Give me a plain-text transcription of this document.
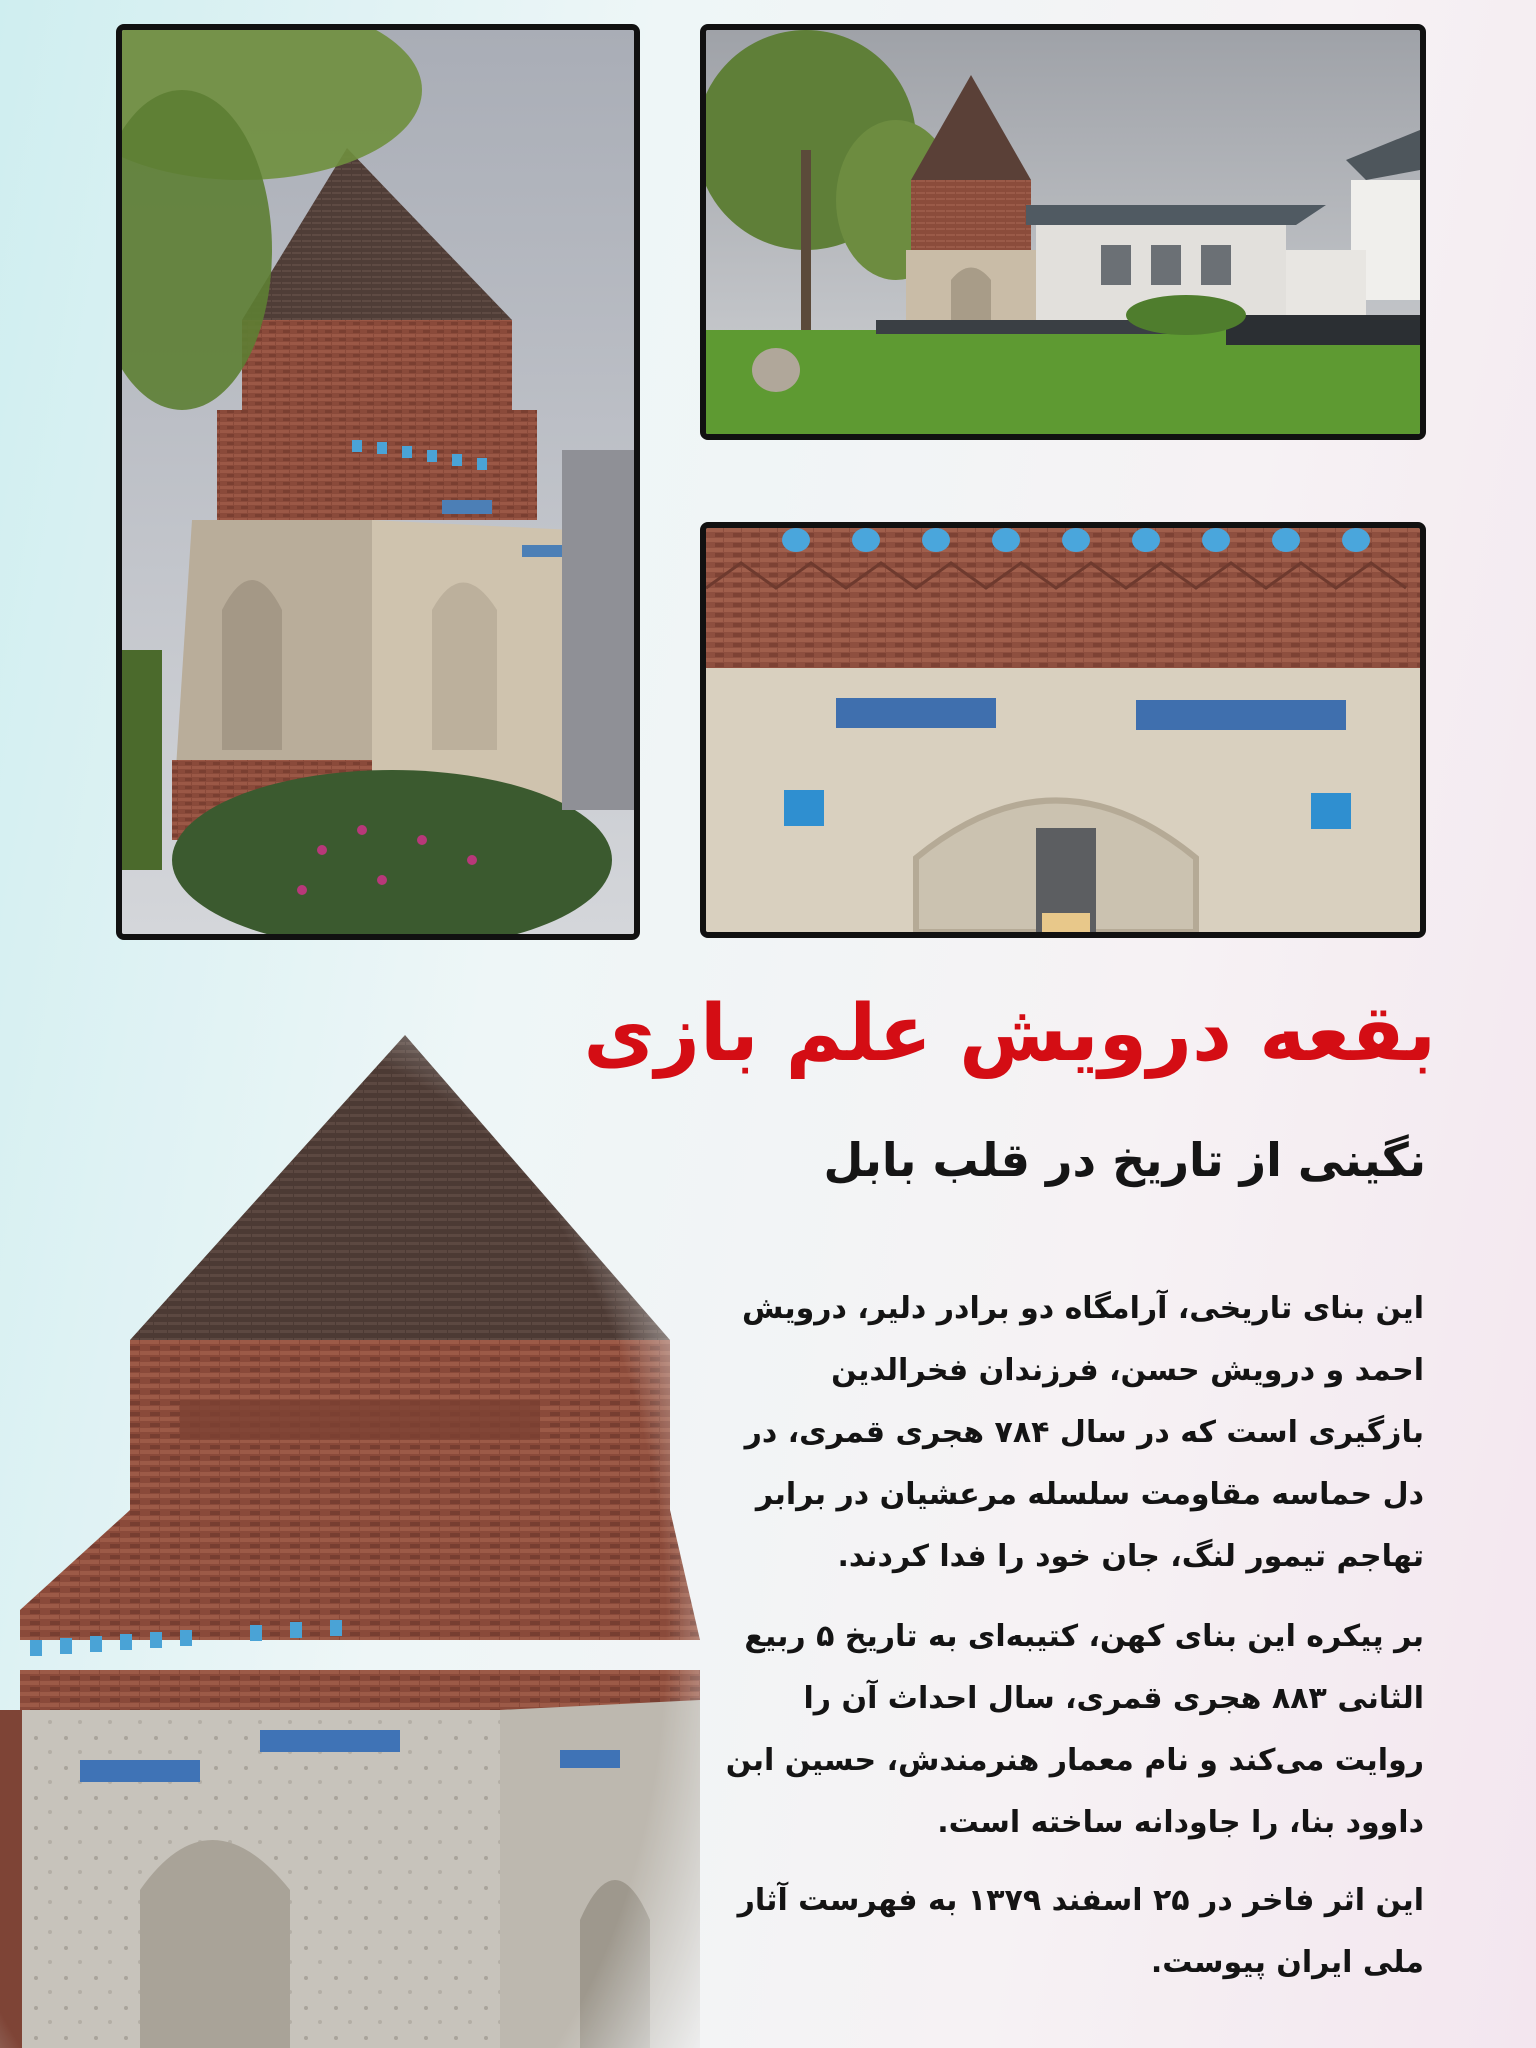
بقعه درویش علم بازی
نگینی از تاریخ در قلب بابل

این بنای تاریخی، آرامگاه دو برادر دلیر، درویش احمد و درویش حسن، فرزندان فخرالدین بازگیری است که در سال ۷۸۴ هجری قمری، در دل حماسه مقاومت سلسله مرعشیان در برابر تهاجم تیمور لنگ، جان خود را فدا کردند.

بر پیکره این بنای کهن، کتیبه‌ای به تاریخ ۵ ربیع الثانی ۸۸۳ هجری قمری، سال احداث آن را روایت می‌کند و نام معمار هنرمندش، حسین ابن داوود بنا، را جاودانه ساخته است.

این اثر فاخر در ۲۵ اسفند ۱۳۷۹ به فهرست آثار ملی ایران پیوست.
